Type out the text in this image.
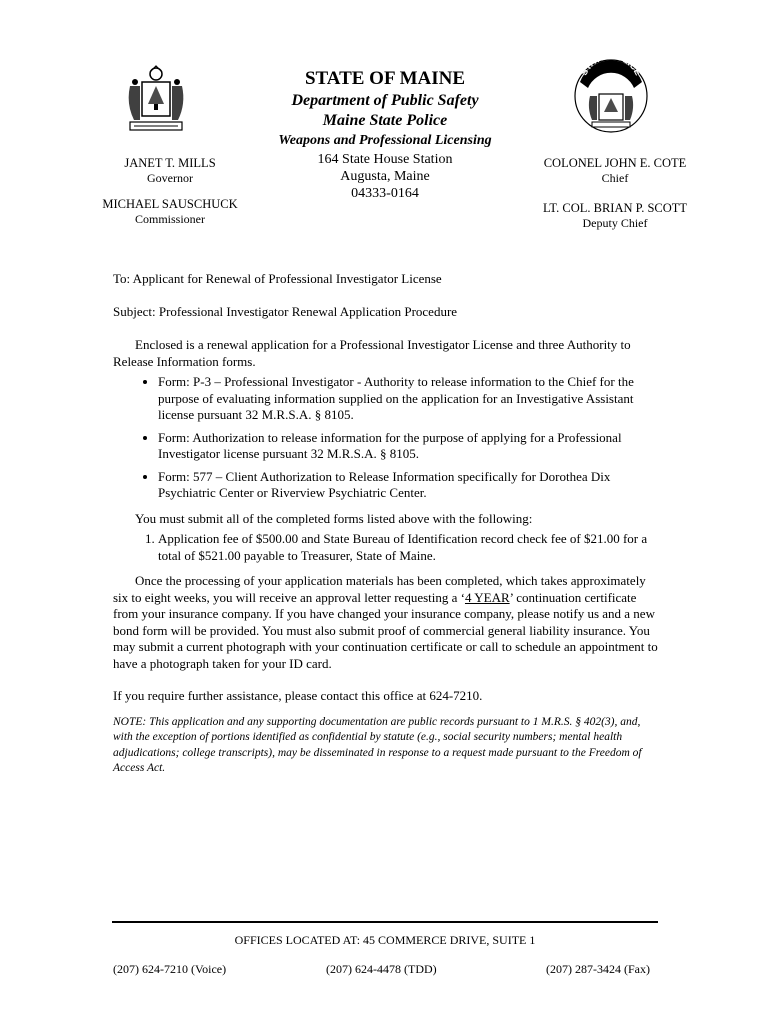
STATE POLICE
STATE OF MAINE
Department of Public Safety
Maine State Police
Weapons and Professional Licensing
164 State House Station
Augusta, Maine
04333-0164
JANET T. MILLS
Governor
MICHAEL SAUSCHUCK
Commissioner
COLONEL JOHN E. COTE
Chief
LT. COL. BRIAN P. SCOTT
Deputy Chief
To: Applicant for Renewal of Professional Investigator License
Subject: Professional Investigator Renewal Application Procedure

Enclosed is a renewal application for a Professional Investigator License and three Authority to Release Information forms.

• Form: P-3 – Professional Investigator - Authority to release information to the Chief for the purpose of evaluating information supplied on the application for an Investigative Assistant license pursuant 32 M.R.S.A. § 8105.
• Form: Authorization to release information for the purpose of applying for a Professional Investigator license pursuant 32 M.R.S.A. § 8105.
• Form: 577 – Client Authorization to Release Information specifically for Dorothea Dix Psychiatric Center or Riverview Psychiatric Center.

You must submit all of the completed forms listed above with the following:

1. Application fee of $500.00 and State Bureau of Identification record check fee of $21.00 for a total of $521.00 payable to Treasurer, State of Maine.

Once the processing of your application materials has been completed, which takes approximately six to eight weeks, you will receive an approval letter requesting a ‘4 YEAR’ continuation certificate from your insurance company. If you have changed your insurance company, please notify us and a new bond form will be provided. You must also submit proof of commercial general liability insurance. You may submit a current photograph with your continuation certificate or call to schedule an appointment to have a photograph taken for your ID card.

If you require further assistance, please contact this office at 624-7210.

NOTE: This application and any supporting documentation are public records pursuant to 1 M.R.S. § 402(3), and, with the exception of portions identified as confidential by statute (e.g., social security numbers; mental health adjudications; college transcripts), may be disseminated in response to a request made pursuant to the Freedom of Access Act.

OFFICES LOCATED AT: 45 COMMERCE DRIVE, SUITE 1
(207) 624-7210 (Voice)	(207) 624-4478 (TDD)	(207) 287-3424 (Fax)
